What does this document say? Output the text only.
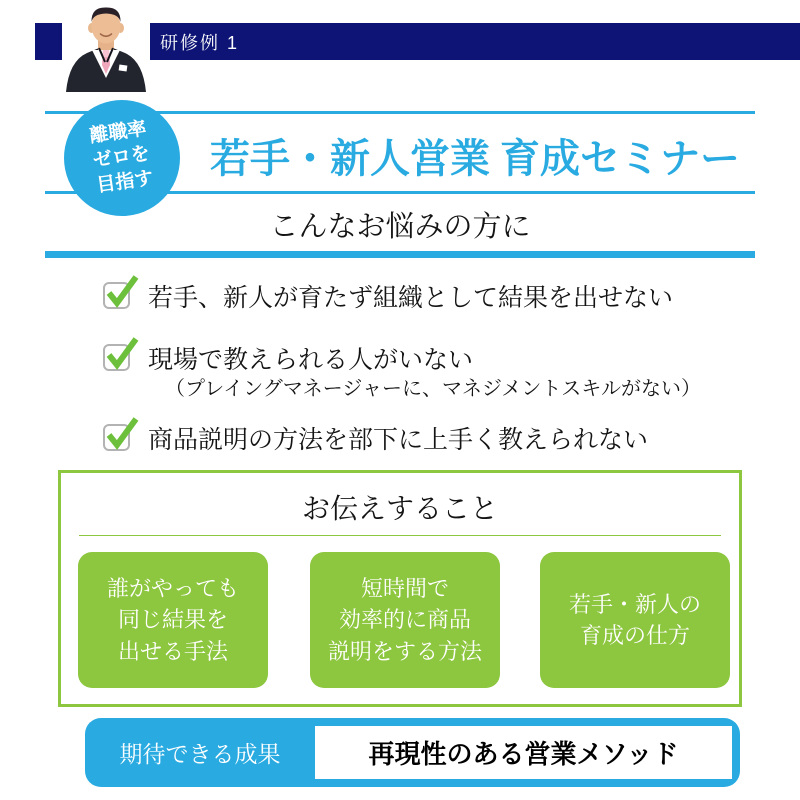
研修例 1
離職率
ゼロを
目指す
若手・新人営業 育成セミナー
こんなお悩みの方に
若手、新人が育たず組織として結果を出せない
現場で教えられる人がいない
（プレイングマネージャーに、マネジメントスキルがない）
商品説明の方法を部下に上手く教えられない
お伝えすること
誰がやっても
同じ結果を
出せる手法
短時間で
効率的に商品
説明をする方法
若手・新人の
育成の仕方
期待できる成果	再現性のある営業メソッド
